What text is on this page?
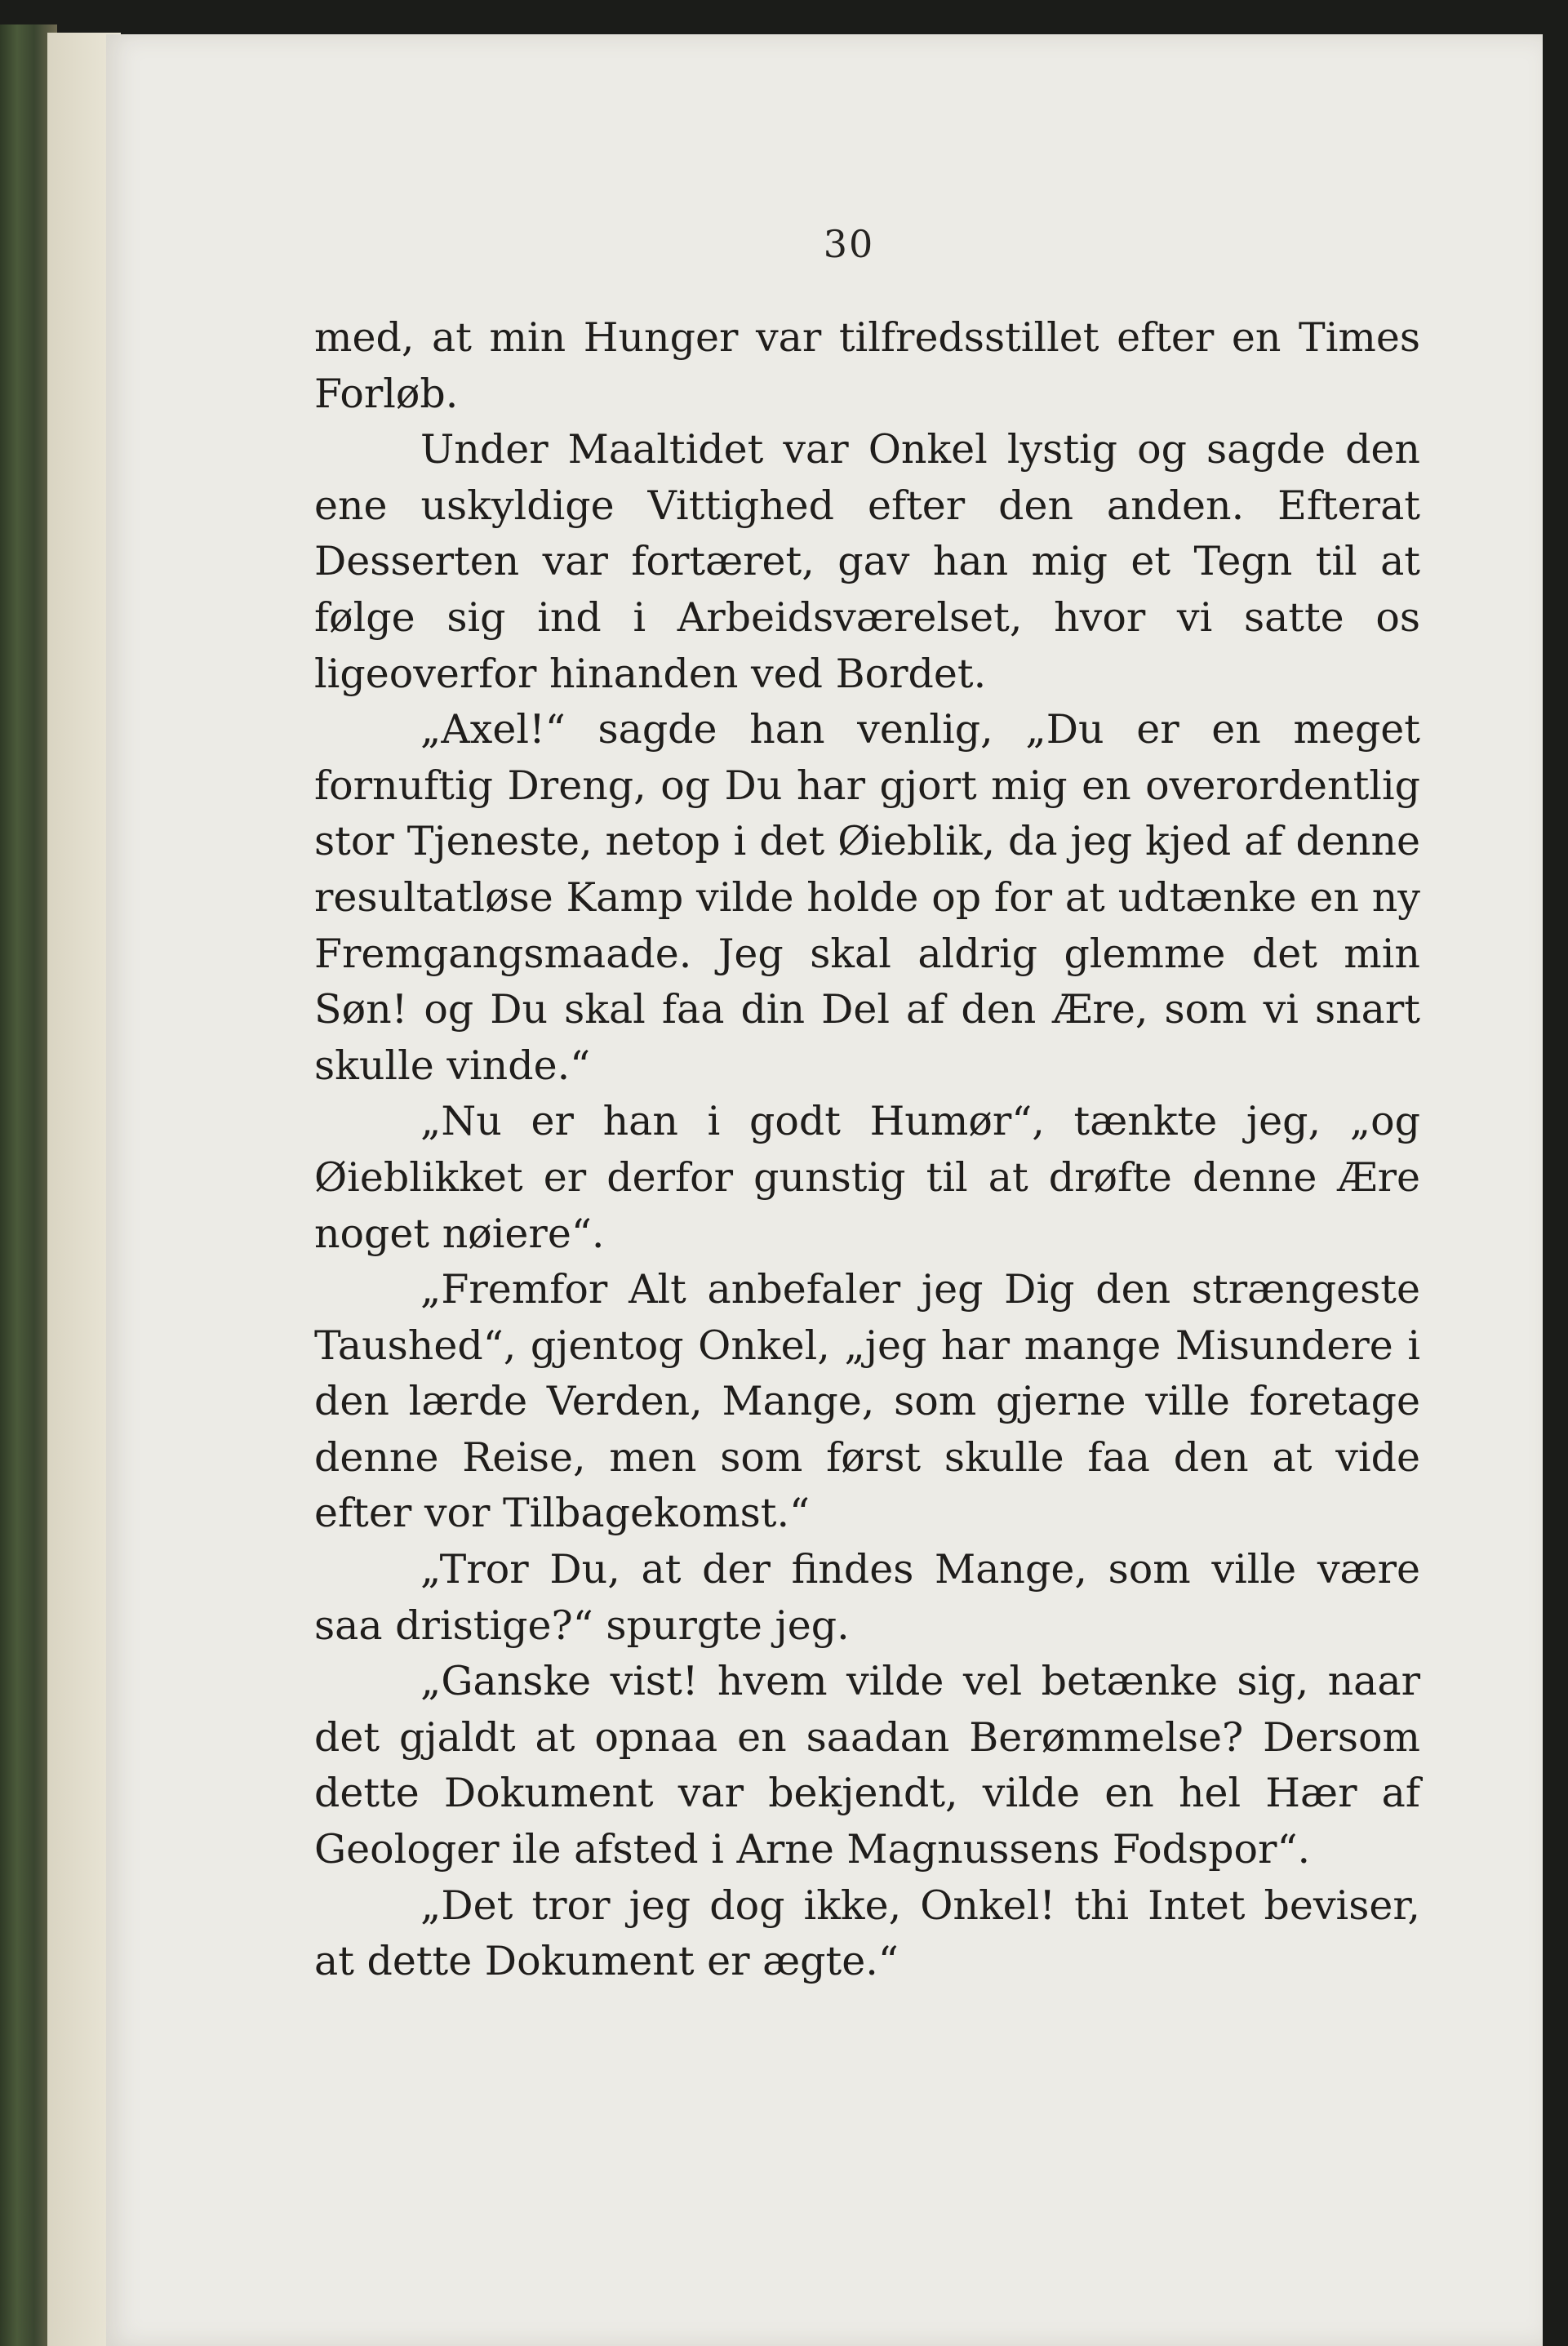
30

med, at min Hunger var tilfredsstillet efter en Times Forløb.

Under Maaltidet var Onkel lystig og sagde den ene uskyldige Vittighed efter den anden. Efterat Desserten var fortæret, gav han mig et Tegn til at følge sig ind i Arbeidsværelset, hvor vi satte os ligeoverfor hinanden ved Bordet.

„Axel!“ sagde han venlig, „Du er en meget fornuftig Dreng, og Du har gjort mig en overordentlig stor Tjeneste, netop i det Øieblik, da jeg kjed af denne resultatløse Kamp vilde holde op for at udtænke en ny Fremgangsmaade. Jeg skal aldrig glemme det min Søn! og Du skal faa din Del af den Ære, som vi snart skulle vinde.“

„Nu er han i godt Humør“, tænkte jeg, „og Øieblikket er derfor gunstig til at drøfte denne Ære noget nøiere“.

„Fremfor Alt anbefaler jeg Dig den strængeste Taushed“, gjentog Onkel, „jeg har mange Misundere i den lærde Verden, Mange, som gjerne ville foretage denne Reise, men som først skulle faa den at vide efter vor Tilbagekomst.“

„Tror Du, at der findes Mange, som ville være saa dristige?“ spurgte jeg.

„Ganske vist! hvem vilde vel betænke sig, naar det gjaldt at opnaa en saadan Berømmelse? Dersom dette Dokument var bekjendt, vilde en hel Hær af Geologer ile afsted i Arne Magnussens Fodspor“.

„Det tror jeg dog ikke, Onkel! thi Intet beviser, at dette Dokument er ægte.“
